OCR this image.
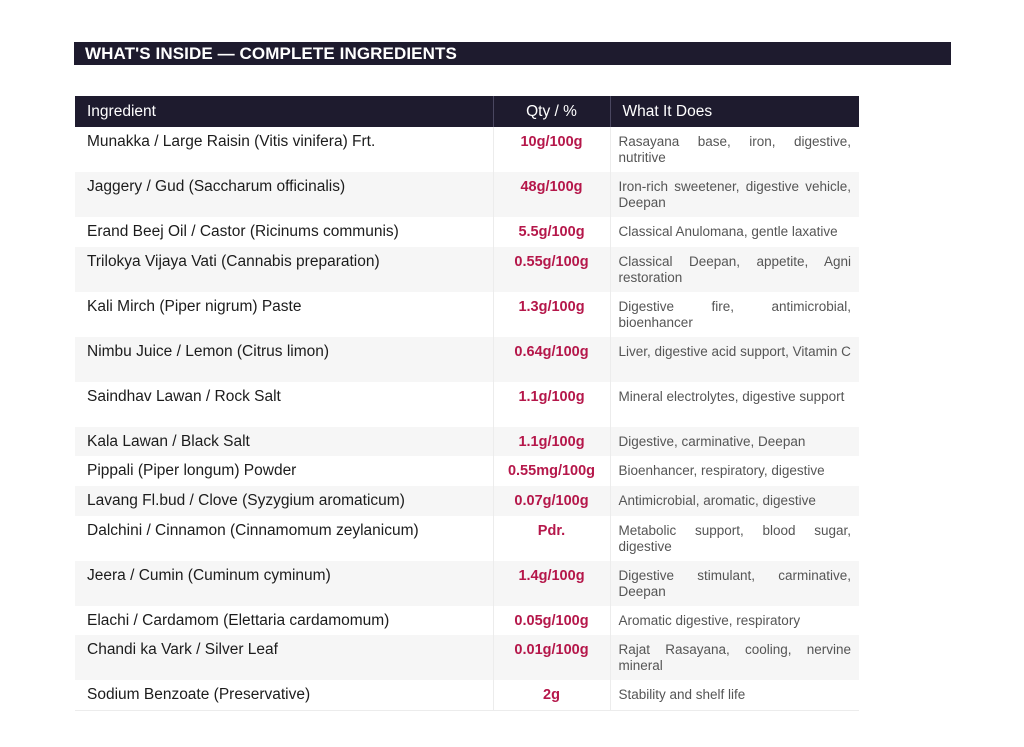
WHAT'S INSIDE — COMPLETE INGREDIENTS
Ingredient	Qty / %	What It Does
Munakka / Large Raisin (Vitis vinifera) Frt.	10g/100g	Rasayana base, iron, digestive, nutritive
Jaggery / Gud (Saccharum officinalis)	48g/100g	Iron-rich sweetener, digestive vehicle, Deepan
Erand Beej Oil / Castor (Ricinums communis)	5.5g/100g	Classical Anulomana, gentle laxative
Trilokya Vijaya Vati (Cannabis preparation)	0.55g/100g	Classical Deepan, appetite, Agni restoration
Kali Mirch (Piper nigrum) Paste	1.3g/100g	Digestive fire, antimicrobial, bioenhancer
Nimbu Juice / Lemon (Citrus limon)	0.64g/100g	Liver, digestive acid support, Vitamin C
Saindhav Lawan / Rock Salt	1.1g/100g	Mineral electrolytes, digestive support
Kala Lawan / Black Salt	1.1g/100g	Digestive, carminative, Deepan
Pippali (Piper longum) Powder	0.55mg/100g	Bioenhancer, respiratory, digestive
Lavang Fl.bud / Clove (Syzygium aromaticum)	0.07g/100g	Antimicrobial, aromatic, digestive
Dalchini / Cinnamon (Cinnamomum zeylanicum)	Pdr.	Metabolic support, blood sugar, digestive
Jeera / Cumin (Cuminum cyminum)	1.4g/100g	Digestive stimulant, carminative, Deepan
Elachi / Cardamom (Elettaria cardamomum)	0.05g/100g	Aromatic digestive, respiratory
Chandi ka Vark / Silver Leaf	0.01g/100g	Rajat Rasayana, cooling, nervine mineral
Sodium Benzoate (Preservative)	2g	Stability and shelf life
